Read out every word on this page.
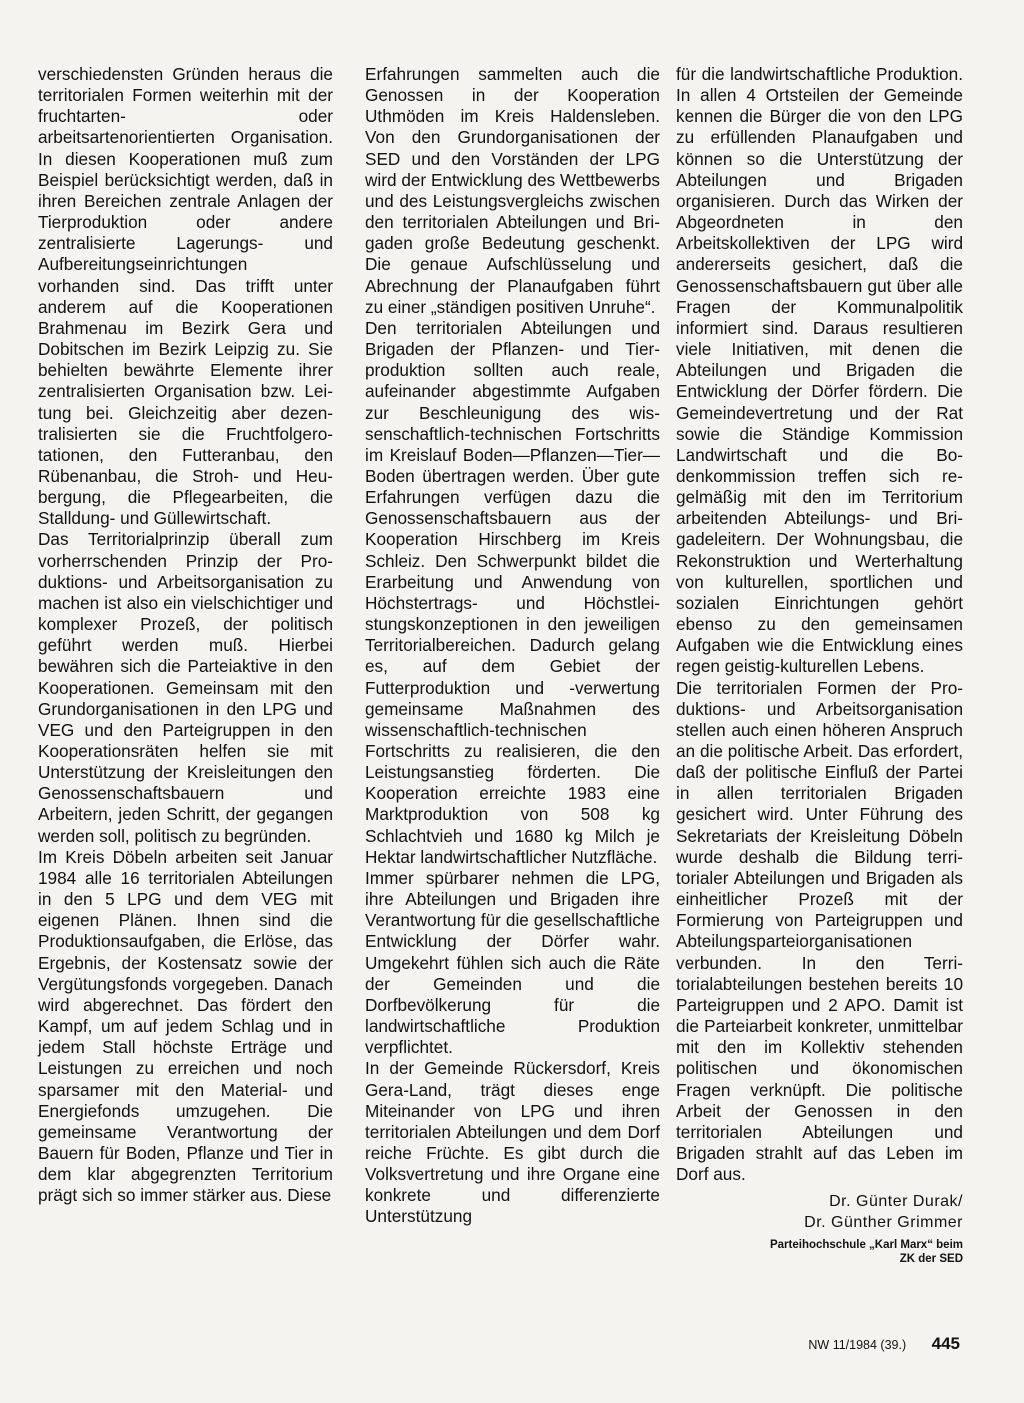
verschiedensten Gründen heraus die territorialen Formen weiterhin mit der fruchtarten- oder arbeitsartenorientierten Organisation. In diesen Kooperationen muß zum Beispiel berücksichtigt werden, daß in ihren Bereichen zentrale Anlagen der Tierproduktion oder andere zentralisierte Lagerungs- und Aufbereitungseinrichtungen vorhanden sind. Das trifft unter anderem auf die Kooperationen Brahmenau im Bezirk Gera und Dobitschen im Bezirk Leipzig zu. Sie behielten bewährte Elemente ihrer zentralisierten Organisation bzw. Leitung bei. Gleichzeitig aber dezentralisierten sie die Fruchtfolgerotationen, den Futteranbau, den Rübenanbau, die Stroh- und Heubergung, die Pflegearbeiten, die Stalldung- und Güllewirtschaft.

Das Territorialprinzip überall zum vorherrschenden Prinzip der Produktions- und Arbeitsorganisation zu machen ist also ein vielschichtiger und komplexer Prozeß, der politisch geführt werden muß. Hierbei bewähren sich die Parteiaktive in den Kooperationen. Gemeinsam mit den Grundorganisationen in den LPG und VEG und den Parteigruppen in den Kooperationsräten helfen sie mit Unterstützung der Kreisleitungen den Genossenschaftsbauern und Arbeitern, jeden Schritt, der gegangen werden soll, politisch zu begründen.

Im Kreis Döbeln arbeiten seit Januar 1984 alle 16 territorialen Abteilungen in den 5 LPG und dem VEG mit eigenen Plänen. Ihnen sind die Produktionsaufgaben, die Erlöse, das Ergebnis, der Kostensatz sowie der Vergütungsfonds vorgegeben. Danach wird abgerechnet. Das fördert den Kampf, um auf jedem Schlag und in jedem Stall höchste Erträge und Leistungen zu erreichen und noch sparsamer mit den Material- und Energiefonds umzugehen. Die gemeinsame Verantwortung der Bauern für Boden, Pflanze und Tier in dem klar abgegrenzten Territorium prägt sich so immer stärker aus. Diese

Erfahrungen sammelten auch die Genossen in der Kooperation Uthmöden im Kreis Haldensleben. Von den Grundorganisationen der SED und den Vorständen der LPG wird der Entwicklung des Wettbewerbs und des Leistungsvergleichs zwischen den territorialen Abteilungen und Brigaden große Bedeutung geschenkt. Die genaue Aufschlüsselung und Abrechnung der Planaufgaben führt zu einer „ständigen positiven Unruhe“.

Den territorialen Abteilungen und Brigaden der Pflanzen- und Tierproduktion sollten auch reale, aufeinander abgestimmte Aufgaben zur Beschleunigung des wissenschaftlich-technischen Fortschritts im Kreislauf Boden—Pflanzen—Tier—Boden übertragen werden. Über gute Erfahrungen verfügen dazu die Genossenschaftsbauern aus der Kooperation Hirschberg im Kreis Schleiz. Den Schwerpunkt bildet die Erarbeitung und Anwendung von Höchstertrags- und Höchstleistungskonzeptionen in den jeweiligen Territorialbereichen. Dadurch gelang es, auf dem Gebiet der Futterproduktion und -verwertung gemeinsame Maßnahmen des wissenschaftlich-technischen Fortschritts zu realisieren, die den Leistungsanstieg förderten. Die Kooperation erreichte 1983 eine Marktproduktion von 508 kg Schlachtvieh und 1680 kg Milch je Hektar landwirtschaftlicher Nutzfläche.

Immer spürbarer nehmen die LPG, ihre Abteilungen und Brigaden ihre Verantwortung für die gesellschaftliche Entwicklung der Dörfer wahr. Umgekehrt fühlen sich auch die Räte der Gemeinden und die Dorfbevölkerung für die landwirtschaftliche Produktion verpflichtet.

In der Gemeinde Rückersdorf, Kreis Gera-Land, trägt dieses enge Miteinander von LPG und ihren territorialen Abteilungen und dem Dorf reiche Früchte. Es gibt durch die Volksvertretung und ihre Organe eine konkrete und differenzierte Unterstützung

für die landwirtschaftliche Produktion. In allen 4 Ortsteilen der Gemeinde kennen die Bürger die von den LPG zu erfüllenden Planaufgaben und können so die Unterstützung der Abteilungen und Brigaden organisieren. Durch das Wirken der Abgeordneten in den Arbeitskollektiven der LPG wird andererseits gesichert, daß die Genossenschaftsbauern gut über alle Fragen der Kommunalpolitik informiert sind. Daraus resultieren viele Initiativen, mit denen die Abteilungen und Brigaden die Entwicklung der Dörfer fördern. Die Gemeindevertretung und der Rat sowie die Ständige Kommission Landwirtschaft und die Bodenkommission treffen sich regelmäßig mit den im Territorium arbeitenden Abteilungs- und Brigadeleitern. Der Wohnungsbau, die Rekonstruktion und Werterhaltung von kulturellen, sportlichen und sozialen Einrichtungen gehört ebenso zu den gemeinsamen Aufgaben wie die Entwicklung eines regen geistig-kulturellen Lebens.

Die territorialen Formen der Produktions- und Arbeitsorganisation stellen auch einen höheren Anspruch an die politische Arbeit. Das erfordert, daß der politische Einfluß der Partei in allen territorialen Brigaden gesichert wird. Unter Führung des Sekretariats der Kreisleitung Döbeln wurde deshalb die Bildung territorialer Abteilungen und Brigaden als einheitlicher Prozeß mit der Formierung von Parteigruppen und Abteilungsparteiorganisationen verbunden. In den Territorialabteilungen bestehen bereits 10 Parteigruppen und 2 APO. Damit ist die Parteiarbeit konkreter, unmittelbar mit den im Kollektiv stehenden politischen und ökonomischen Fragen verknüpft. Die politische Arbeit der Genossen in den territorialen Abteilungen und Brigaden strahlt auf das Leben im Dorf aus.

Dr. Günter Durak/
Dr. Günther Grimmer
Parteihochschule „Karl Marx“ beim
ZK der SED
NW 11/1984 (39.) 445
